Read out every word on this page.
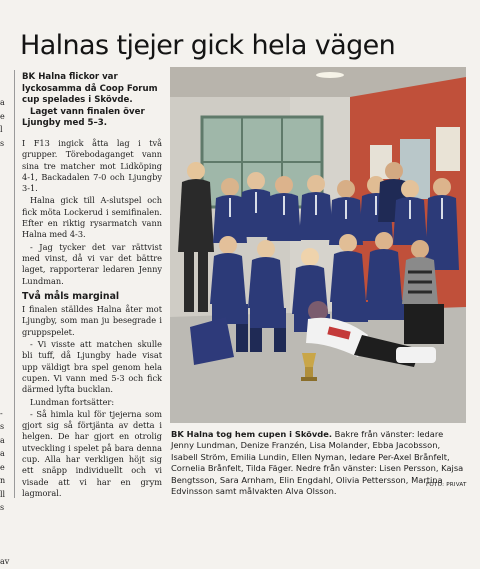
a
e
l
s

-
s
a
a
e
n
ll
s

av
Halnas tjejer gick hela vägen

BK Halna flickor var lyckosamma då Coop Forum cup spelades i Skövde.

Laget vann finalen över Ljungby med 5–3.

I F13 ingick åtta lag i två grupper. Törebodaganget vann sina tre matcher mot Lidköping 4-1, Backadalen 7-0 och Ljungby 3-1.

Halna gick till A-slutspel och fick möta Lockerud i semifinalen. Efter en riktig rysarmatch vann Halna med 4-3.

- Jag tycker det var rättvist med vinst, då vi var det bättre laget, rapporterar ledaren Jenny Lundman.

Två måls marginal

I finalen ställdes Halna åter mot Ljungby, som man ju besegrade i gruppspelet.

- Vi visste att matchen skulle bli tuff, då Ljungby hade visat upp väldigt bra spel genom hela cupen. Vi vann med 5-3 och fick därmed lyfta bucklan.

Lundman fortsätter:

- Så himla kul för tjejerna som gjort sig så förtjänta av detta i helgen. De har gjort en otrolig utveckling i spelet på bara denna cup. Alla har verkligen höjt sig ett snäpp individuellt och vi visade att vi har en grym lagmoral.

BK Halna tog hem cupen i Skövde. Bakre från vänster: ledare Jenny Lundman, Denize Franzén, Lisa Molander, Ebba Jacobsson, Isabell Ström, Emilia Lundin, Ellen Nyman, ledare Per-Axel Brånfelt, Cornelia Brånfelt, Tilda Fäger. Nedre från vänster: Lisen Persson, Kajsa Bengtsson, Sara Arnham, Elin Engdahl, Olivia Pettersson, Martina Edvinsson samt målvakten Alva Olsson.
FOTO: PRIVAT
